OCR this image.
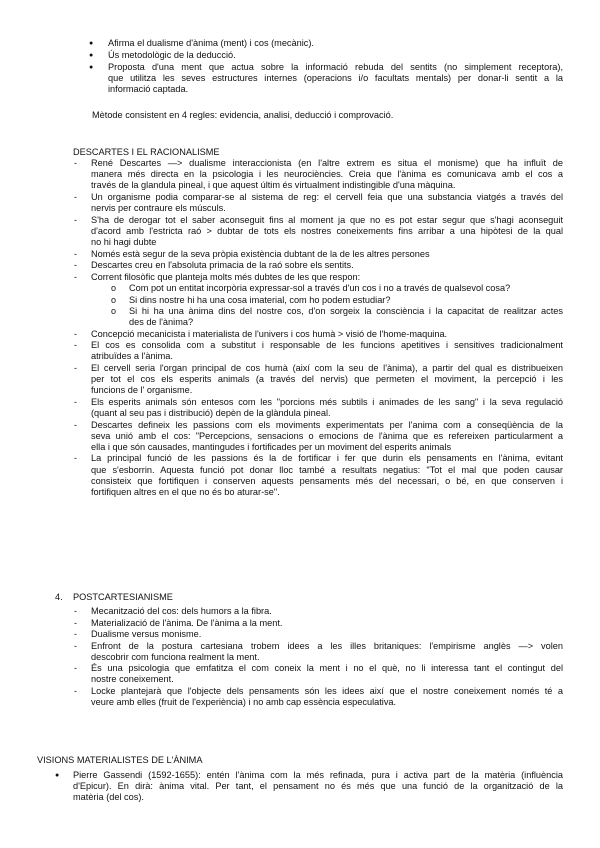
● Afirma el dualisme d'ànima (ment) i cos (mecànic).
● Ús metodològic de la deducció.
● Proposta d'una ment que actua sobre la informació rebuda del sentits (no simplement receptora),
que utilitza les seves estructures internes (operacions i/o facultats mentals) per donar-li sentit a la
informació captada.
Mètode consistent en 4 regles: evidencia, analisi, deducció i comprovació.
DESCARTES I EL RACIONALISME
- René Descartes —> dualisme interaccionista (en l'altre extrem es situa el monisme) que ha influït de
manera més directa en la psicologia i les neurociències. Creia que l'ànima es comunicava amb el cos a
través de la glandula pineal, i que aquest últim és virtualment indistingible d'una màquina.
- Un organisme podia comparar-se al sistema de reg: el cervell feia que una substancia viatgés a través del
nervis per contraure els músculs.
- S'ha de derogar tot el saber aconseguit fins al moment ja que no es pot estar segur que s'hagi aconseguit
d'acord amb l'estricta raó > dubtar de tots els nostres coneixements fins arribar a una hipòtesi de la qual
no hi hagi dubte
- Només està segur de la seva pròpia existència dubtant de la de les altres persones
- Descartes creu en l'absoluta primacia de la raó sobre els sentits.
- Corrent filosòfic que planteja molts més dubtes de les que respon:
o Com pot un entitat incorpòria expressar-sol a través d'un cos i no a través de qualsevol cosa?
o Si dins nostre hi ha una cosa imaterial, com ho podem estudiar?
o Si hi ha una ànima dins del nostre cos, d'on sorgeix la consciència i la capacitat de realitzar actes
des de l'ànima?
- Concepció mecanicista i materialista de l'univers i cos humà > visió de l'home-maquina.
- El cos es consolida com a substitut i responsable de les funcions apetitives i sensitives tradicionalment
atribuïdes a l'ànima.
- El cervell seria l'organ principal de cos humà (així com la seu de l'ànima), a partir del qual es distribueixen
per tot el cos els esperits animals (a través del nervis) que permeten el moviment, la percepció i les
funcions de l' organisme.
- Els esperits animals són entesos com les "porcions més subtils i animades de les sang" i la seva regulació
(quant al seu pas i distribució) depèn de la glàndula pineal.
- Descartes defineix les passions com els moviments experimentats per l'anima com a conseqüència de la
seva unió amb el cos: "Percepcions, sensacions o emocions de l'ànima que es refereixen particularment a
ella i que són causades, mantingudes i fortificades per un moviment del esperits animals
- La principal funció de les passions és la de fortificar i fer que durin els pensaments en l'ànima, evitant
que s'esborrin. Aquesta funció pot donar lloc també a resultats negatius: "Tot el mal que poden causar
consisteix que fortifiquen i conserven aquests pensaments més del necessari, o bé, en que conserven i
fortifiquen altres en el que no és bo aturar-se".
4. POSTCARTESIANISME
- Mecanització del cos: dels humors a la fibra.
- Materializació de l'ànima. De l'ànima a la ment.
- Dualisme versus monisme.
- Enfront de la postura cartesiana trobem idees a les illes britaniques: l'empirisme anglès —> volen
descobrir com funciona realment la ment.
- És una psicologia que emfatitza el com coneix la ment i no el què, no li interessa tant el contingut del
nostre coneixement.
- Locke plantejarà que l'objecte dels pensaments són les idees així que el nostre coneixement només té a
veure amb elles (fruit de l'experiència) i no amb cap essència especulativa.
VISIONS MATERIALISTES DE L'ÀNIMA
● Pierre Gassendi (1592-1655): entén l'ànima com la més refinada, pura i activa part de la matèria (influència
d'Epicur). En dirà: ànima vital. Per tant, el pensament no és més que una funció de la organització de la
matèria (del cos).
